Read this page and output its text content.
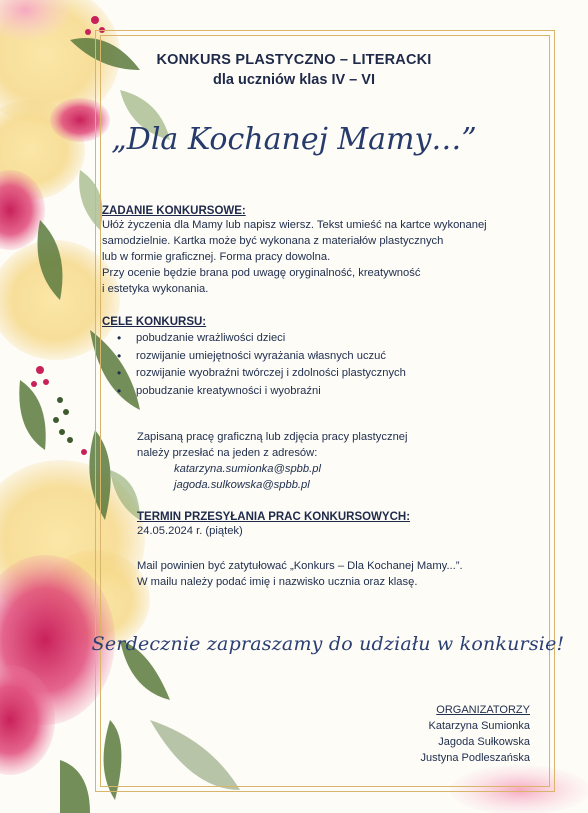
KONKURS PLASTYCZNO – LITERACKI
dla uczniów klas IV – VI
„Dla Kochanej Mamy…”
ZADANIE KONKURSOWE:
Ułóż życzenia dla Mamy lub napisz wiersz. Tekst umieść na kartce wykonanej
samodzielnie. Kartka może być wykonana z materiałów plastycznych
lub w formie graficznej. Forma pracy dowolna.
Przy ocenie będzie brana pod uwagę oryginalność, kreatywność
i estetyka wykonania.
CELE KONKURSU:
• pobudzanie wrażliwości dzieci
• rozwijanie umiejętności wyrażania własnych uczuć
• rozwijanie wyobraźni twórczej i zdolności plastycznych
• pobudzanie kreatywności i wyobraźni
Zapisaną pracę graficzną lub zdjęcia pracy plastycznej
należy przesłać na jeden z adresów:
katarzyna.sumionka@spbb.pl
jagoda.sulkowska@spbb.pl
TERMIN PRZESYŁANIA PRAC KONKURSOWYCH:
24.05.2024 r. (piątek)
Mail powinien być zatytułować „Konkurs – Dla Kochanej Mamy...”.
W mailu należy podać imię i nazwisko ucznia oraz klasę.
Serdecznie zapraszamy do udziału w konkursie!
ORGANIZATORZY
Katarzyna Sumionka
Jagoda Sułkowska
Justyna Podleszańska
